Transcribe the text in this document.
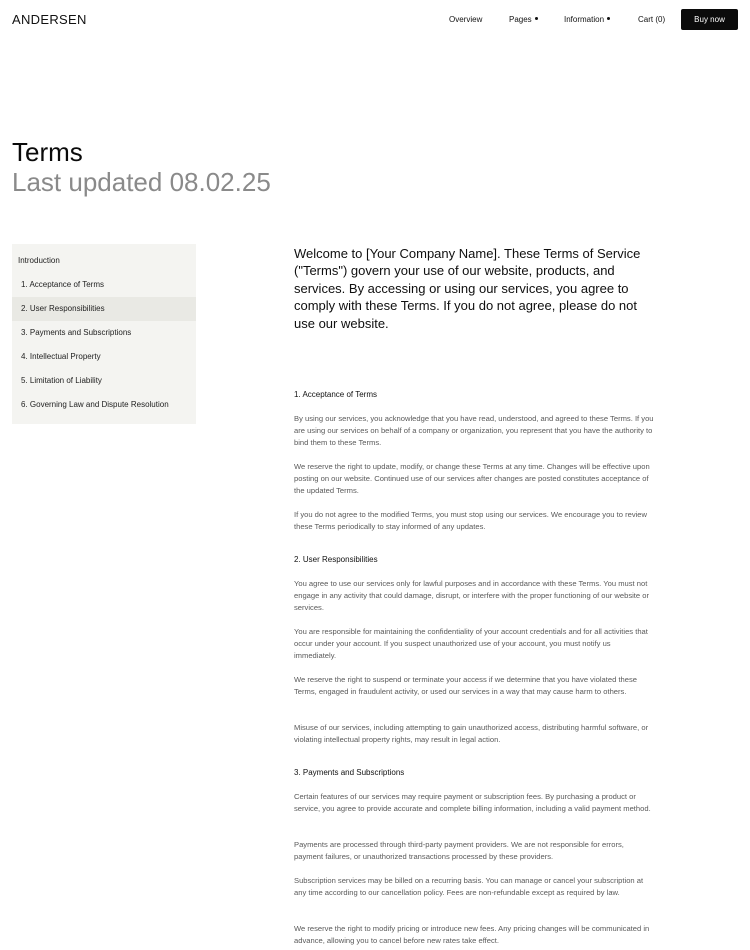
ANDERSEN	Overview	Pages	Information	Cart (0)	Buy now
Terms
Last updated 08.02.25
Introduction
1. Acceptance of Terms
2. User Responsibilities
3. Payments and Subscriptions
4. Intellectual Property
5. Limitation of Liability
6. Governing Law and Dispute Resolution
Welcome to [Your Company Name]. These Terms of Service ("Terms") govern your use of our website, products, and services. By accessing or using our services, you agree to comply with these Terms. If you do not agree, please do not use our website.
1. Acceptance of Terms
By using our services, you acknowledge that you have read, understood, and agreed to these Terms. If you are using our services on behalf of a company or organization, you represent that you have the authority to bind them to these Terms.
We reserve the right to update, modify, or change these Terms at any time. Changes will be effective upon posting on our website. Continued use of our services after changes are posted constitutes acceptance of the updated Terms.
If you do not agree to the modified Terms, you must stop using our services. We encourage you to review these Terms periodically to stay informed of any updates.
2. User Responsibilities
You agree to use our services only for lawful purposes and in accordance with these Terms. You must not engage in any activity that could damage, disrupt, or interfere with the proper functioning of our website or services.
You are responsible for maintaining the confidentiality of your account credentials and for all activities that occur under your account. If you suspect unauthorized use of your account, you must notify us immediately.
We reserve the right to suspend or terminate your access if we determine that you have violated these Terms, engaged in fraudulent activity, or used our services in a way that may cause harm to others.
Misuse of our services, including attempting to gain unauthorized access, distributing harmful software, or violating intellectual property rights, may result in legal action.
3. Payments and Subscriptions
Certain features of our services may require payment or subscription fees. By purchasing a product or service, you agree to provide accurate and complete billing information, including a valid payment method.
Payments are processed through third-party payment providers. We are not responsible for errors, payment failures, or unauthorized transactions processed by these providers.
Subscription services may be billed on a recurring basis. You can manage or cancel your subscription at any time according to our cancellation policy. Fees are non-refundable except as required by law.
We reserve the right to modify pricing or introduce new fees. Any pricing changes will be communicated in advance, allowing you to cancel before new rates take effect.
